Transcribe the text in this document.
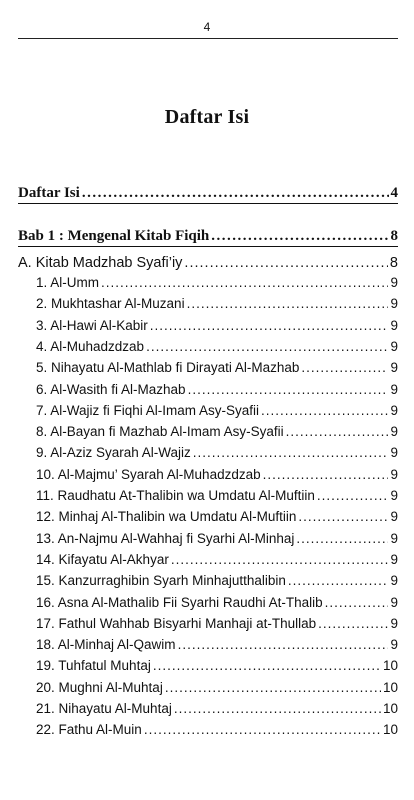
4
Daftar Isi
Daftar Isi .....	4
Bab 1 : Mengenal Kitab Fiqih .....	8
A. Kitab Madzhab Syafi’iy .....	8
1. Al-Umm .....	9
2. Mukhtashar Al-Muzani .....	9
3. Al-Hawi Al-Kabir .....	9
4. Al-Muhadzdzab .....	9
5. Nihayatu Al-Mathlab fi Dirayati Al-Mazhab .....	9
6. Al-Wasith fi Al-Mazhab .....	9
7. Al-Wajiz fi Fiqhi Al-Imam Asy-Syafii .....	9
8. Al-Bayan fi Mazhab Al-Imam Asy-Syafii .....	9
9. Al-Aziz Syarah Al-Wajiz .....	9
10. Al-Majmu’ Syarah Al-Muhadzdzab .....	9
11. Raudhatu At-Thalibin wa Umdatu Al-Muftiin .....	9
12. Minhaj Al-Thalibin wa Umdatu Al-Muftiin .....	9
13. An-Najmu Al-Wahhaj fi Syarhi Al-Minhaj .....	9
14. Kifayatu Al-Akhyar .....	9
15. Kanzurraghibin Syarh Minhajutthalibin .....	9
16. Asna Al-Mathalib Fii Syarhi Raudhi At-Thalib .....	9
17. Fathul Wahhab Bisyarhi Manhaji at-Thullab .....	9
18. Al-Minhaj Al-Qawim .....	9
19. Tuhfatul Muhtaj .....	10
20. Mughni Al-Muhtaj .....	10
21. Nihayatu Al-Muhtaj .....	10
22. Fathu Al-Muin .....	10
